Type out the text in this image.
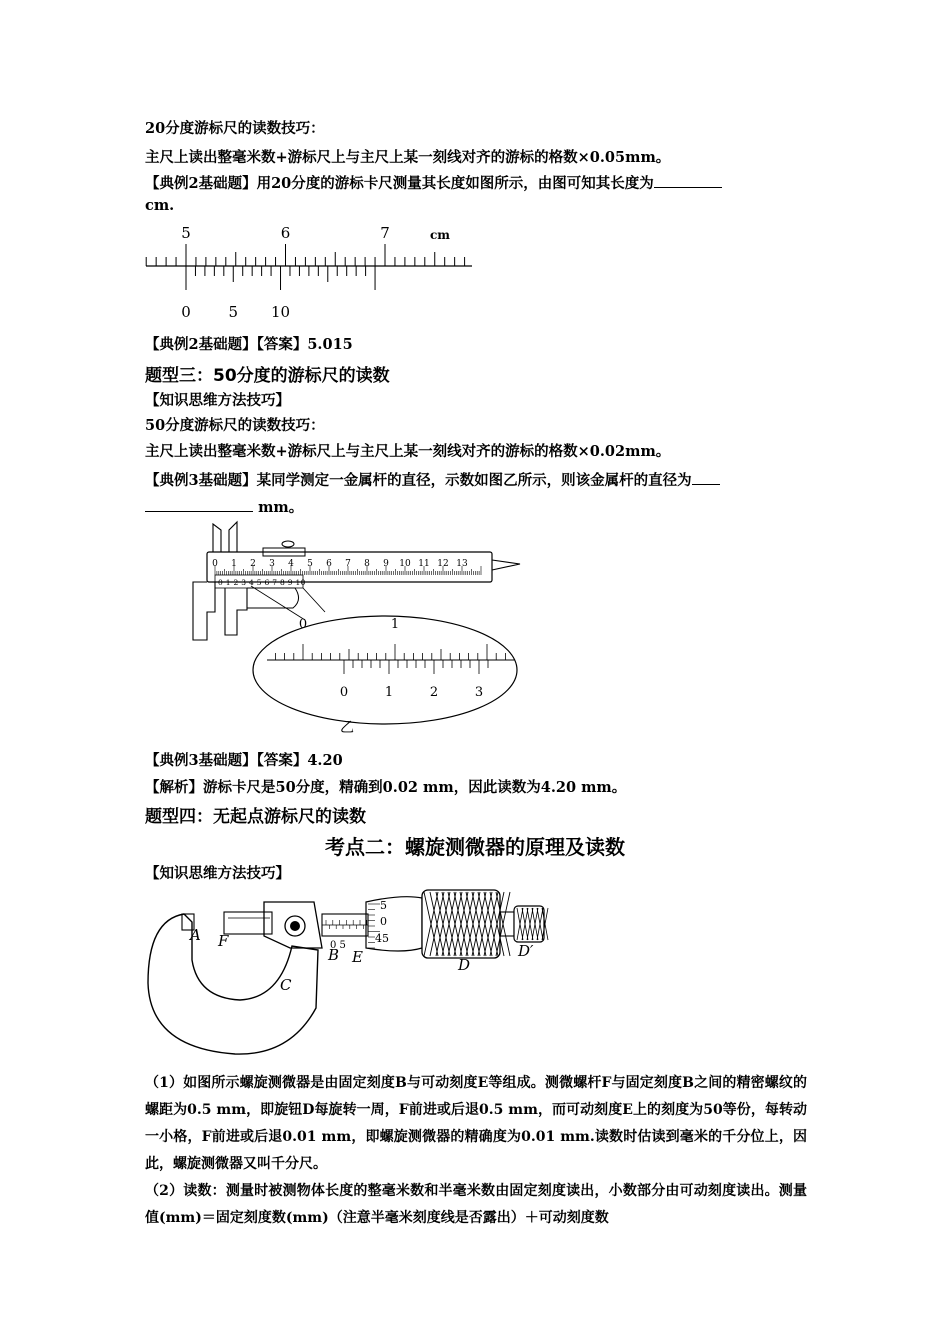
20分度游标尺的读数技巧：
主尺上读出整毫米数+游标尺上与主尺上某一刻线对齐的游标的格数×0.05mm。
【典例2基础题】用20分度的游标卡尺测量其长度如图所示，由图可知其长度为
cm.
5	6	7	cm
0	5 10
【典例2基础题】【答案】5.015
题型三：50分度的游标尺的读数
【知识思维方法技巧】
50分度游标尺的读数技巧：
主尺上读出整毫米数+游标尺上与主尺上某一刻线对齐的游标的格数×0.02mm。
【典例3基础题】某同学测定一金属杆的直径，示数如图乙所示，则该金属杆的直径为
mm。
0 1 2 3 4 5 6 7 8 9 10 11 12 13
0 1 2 3 4 5 6 7 8 9 10
0	1
0	1	2	3
乙
【典例3基础题】【答案】4.20
【解析】游标卡尺是50分度，精确到0.02 mm，因此读数为4.20 mm。
题型四：无起点游标尺的读数
考点二：螺旋测微器的原理及读数
【知识思维方法技巧】
0 5
5
0
45
A F
B E
C
D
D′
（1）如图所示螺旋测微器是由固定刻度B与可动刻度E等组成。测微螺杆F与固定刻度B之间的精密螺纹的螺距为0.5 mm，即旋钮D每旋转一周，F前进或后退0.5 mm，而可动刻度E上的刻度为50等份，每转动一小格，F前进或后退0.01 mm，即螺旋测微器的精确度为0.01 mm.读数时估读到毫米的千分位上，因此，螺旋测微器又叫千分尺。
（2）读数：测量时被测物体长度的整毫米数和半毫米数由固定刻度读出，小数部分由可动刻度读出。测量值(mm)＝固定刻度数(mm)（注意半毫米刻度线是否露出）＋可动刻度数
